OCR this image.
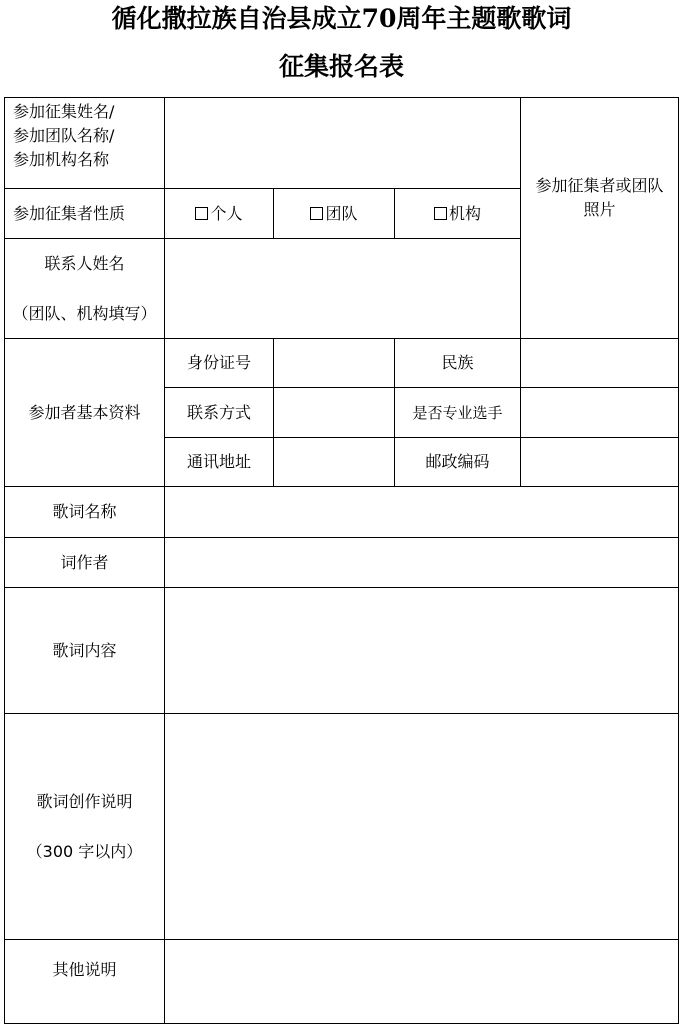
循化撒拉族自治县成立70周年主题歌歌词
征集报名表
参加征集姓名/
参加团队名称/
参加机构名称				参加征集者或团队照片

参加征集者性质	个人	团队	机构	

联系人姓名
（团队、机构填写）				

参加者基本资料	身份证号		民族	
	联系方式		是否专业选手	
	通讯地址		邮政编码	
歌词名称				
词作者				
歌词内容				

歌词创作说明
（300 字以内）				

其他说明				
